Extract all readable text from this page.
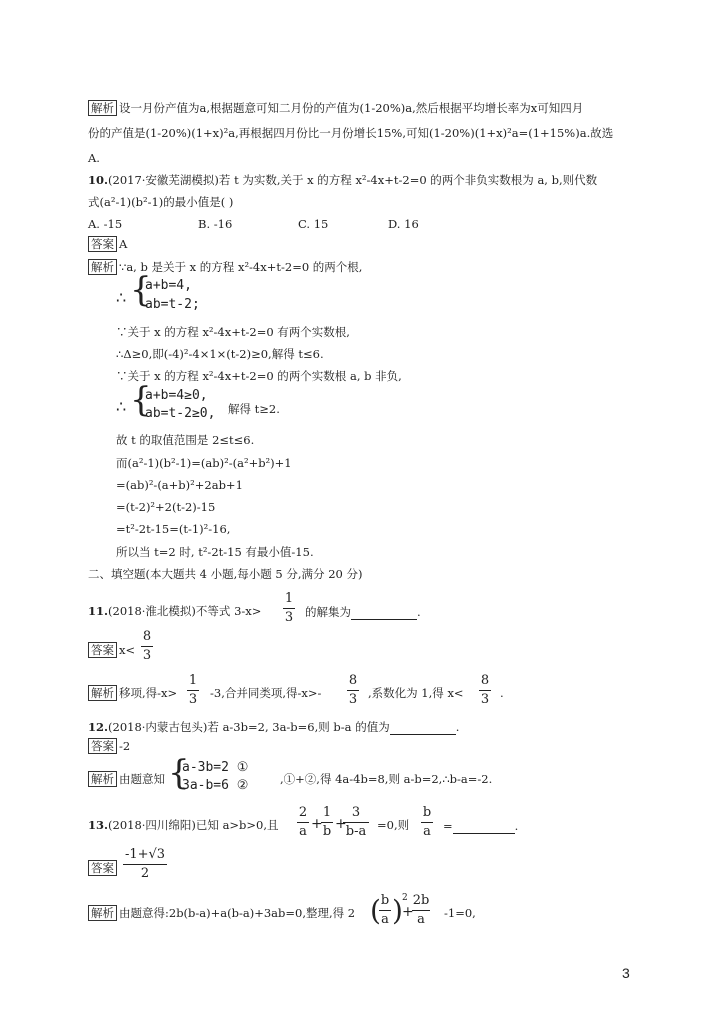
解析 设一月份产值为a,根据题意可知二月份的产值为(1-20%)a,然后根据平均增长率为x可知四月
份的产值是(1-20%)(1+x)²a,再根据四月份比一月份增长15%,可知(1-20%)(1+x)²a=(1+15%)a.故选
A.
10.(2017·安徽芜湖模拟)若 t 为实数,关于 x 的方程 x²-4x+t-2=0 的两个非负实数根为 a, b,则代数
式(a²-1)(b²-1)的最小值是( )
A. -15	B. -16	C. 15	D. 16
答案 A
解析 ∵a, b 是关于 x 的方程 x²-4x+t-2=0 的两个根,
∴ {
a+b=4,
ab=t-2;
∵关于 x 的方程 x²-4x+t-2=0 有两个实数根,
∴Δ≥0,即(-4)²-4×1×(t-2)≥0,解得 t≤6.
∵关于 x 的方程 x²-4x+t-2=0 的两个实数根 a, b 非负,
∴ {
a+b=4≥0,
ab=t-2≥0, 解得 t≥2.
故 t 的取值范围是 2≤t≤6.
而(a²-1)(b²-1)=(ab)²-(a²+b²)+1
=(ab)²-(a+b)²+2ab+1
=(t-2)²+2(t-2)-15
=t²-2t-15=(t-1)²-16,
所以当 t=2 时, t²-2t-15 有最小值-15.
二、填空题(本大题共 4 小题,每小题 5 分,满分 20 分)
11.(2018·淮北模拟)不等式 3-x>
1
3 的解集为	.
答案 x<
8
3
解析 移项,得-x>
1
3 -3,合并同类项,得-x>-
8
3 ,系数化为 1,得 x<
8
3 .
12.(2018·内蒙古包头)若 a-3b=2, 3a-b=6,则 b-a 的值为	.
答案 -2
解析 由题意知 {
a-3b=2 ①
3a-b=6 ②	,①+②,得 4a-4b=8,则 a-b=2,∴b-a=-2.
13.(2018·四川绵阳)已知 a>b>0,且
2
a +
1
b +
3
b-a =0,则
b
a =	.
答案
-1+√3
2
解析 由题意得:2b(b-a)+a(b-a)+3ab=0,整理,得 2 ( b
a ) 2
+
2b
a	-1=0,
3
